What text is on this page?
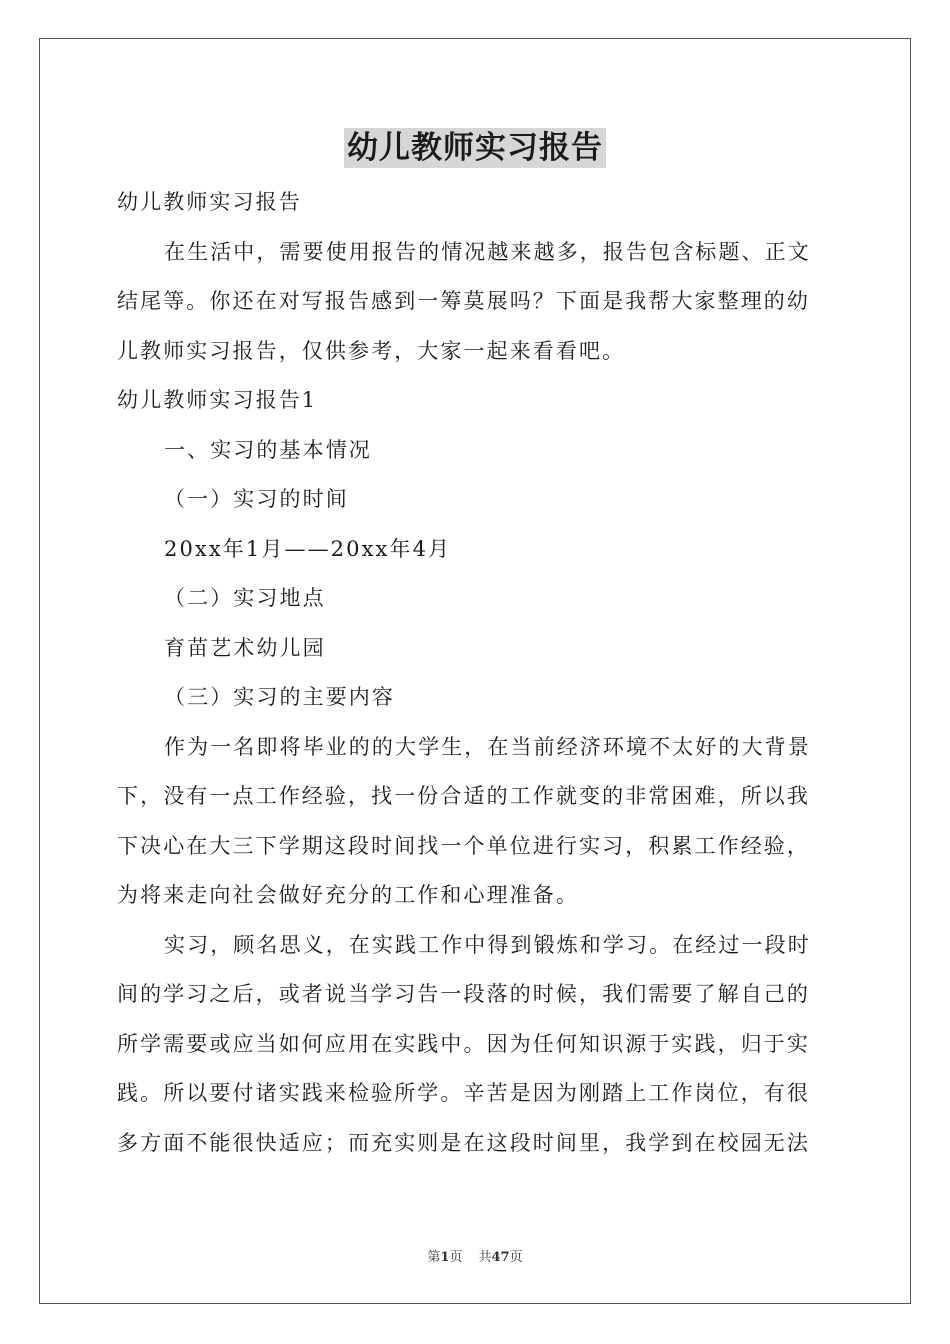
幼儿教师实习报告

幼儿教师实习报告

在生活中，需要使用报告的情况越来越多，报告包含标题、正文

结尾等。你还在对写报告感到一筹莫展吗？下面是我帮大家整理的幼

儿教师实习报告，仅供参考，大家一起来看看吧。

幼儿教师实习报告1

一、实习的基本情况

（一）实习的时间

20xx年1月——20xx年4月

（二）实习地点

育苗艺术幼儿园

（三）实习的主要内容

作为一名即将毕业的的大学生，在当前经济环境不太好的大背景

下，没有一点工作经验，找一份合适的工作就变的非常困难，所以我

下决心在大三下学期这段时间找一个单位进行实习，积累工作经验，

为将来走向社会做好充分的工作和心理准备。

实习，顾名思义，在实践工作中得到锻炼和学习。在经过一段时

间的学习之后，或者说当学习告一段落的时候，我们需要了解自己的

所学需要或应当如何应用在实践中。因为任何知识源于实践，归于实

践。所以要付诸实践来检验所学。辛苦是因为刚踏上工作岗位，有很

多方面不能很快适应；而充实则是在这段时间里，我学到在校园无法

第1页 共47页
